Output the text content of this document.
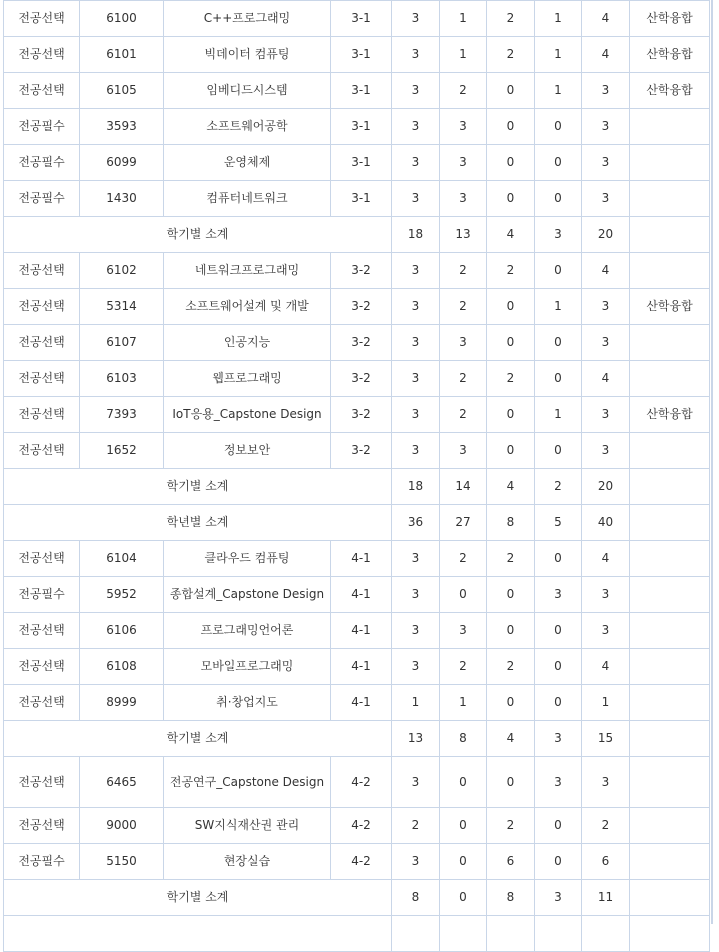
전공선택	6100	C++프로그래밍	3-1	3	1	2	1	4	산학융합
전공선택	6101	빅데이터 컴퓨팅	3-1	3	1	2	1	4	산학융합
전공선택	6105	임베디드시스템	3-1	3	2	0	1	3	산학융합
전공필수	3593	소프트웨어공학	3-1	3	3	0	0	3	
전공필수	6099	운영체제	3-1	3	3	0	0	3	
전공필수	1430	컴퓨터네트워크	3-1	3	3	0	0	3	
학기별 소계				18	13	4	3	20	
전공선택	6102	네트워크프로그래밍	3-2	3	2	2	0	4	
전공선택	5314	소프트웨어설계 및 개발	3-2	3	2	0	1	3	산학융합
전공선택	6107	인공지능	3-2	3	3	0	0	3	
전공선택	6103	웹프로그래밍	3-2	3	2	2	0	4	
전공선택	7393	IoT응용_Capstone Design	3-2	3	2	0	1	3	산학융합
전공선택	1652	정보보안	3-2	3	3	0	0	3	
학기별 소계				18	14	4	2	20	
학년별 소계				36	27	8	5	40	
전공선택	6104	클라우드 컴퓨팅	4-1	3	2	2	0	4	
전공필수	5952	종합설계_Capstone Design	4-1	3	0	0	3	3	
전공선택	6106	프로그래밍언어론	4-1	3	3	0	0	3	
전공선택	6108	모바일프로그래밍	4-1	3	2	2	0	4	
전공선택	8999	취·창업지도	4-1	1	1	0	0	1	
학기별 소계				13	8	4	3	15	
전공선택	6465	전공연구_Capstone Design	4-2	3	0	0	3	3	
전공선택	9000	SW지식재산권 관리	4-2	2	0	2	0	2	
전공필수	5150	현장실습	4-2	3	0	6	0	6	
학기별 소계				8	0	8	3	11	
